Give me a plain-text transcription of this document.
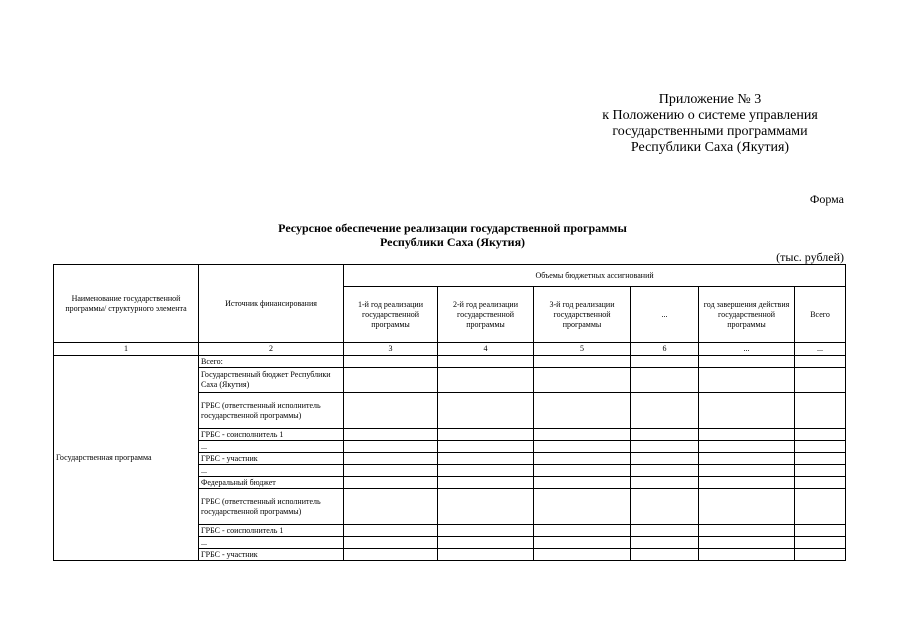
Приложение № 3
к Положению о системе управления
государственными программами
Республики Саха (Якутия)
Форма
Ресурсное обеспечение реализации государственной программы
Республики Саха (Якутия)
(тыс. рублей)
Наименование государственной программы/ структурного элемента	Источник финансирования	Объемы бюджетных ассигнований					
		1-й год реализации государственной программы	2-й год реализации государственной программы	3-й год реализации государственной программы	...	год завершения действия государственной программы	Всего
1	2	3	4	5	6	...	...
Государственная программа	Всего:						
	Государственный бюджет Республики Саха (Якутия)						
	ГРБС (ответственный исполнитель государственной программы)						
	ГРБС - соисполнитель 1						
	...						
	ГРБС - участник						
	...						
	Федеральный бюджет						
	ГРБС (ответственный исполнитель государственной программы)						
	ГРБС - соисполнитель 1						
	...						
	ГРБС - участник						
